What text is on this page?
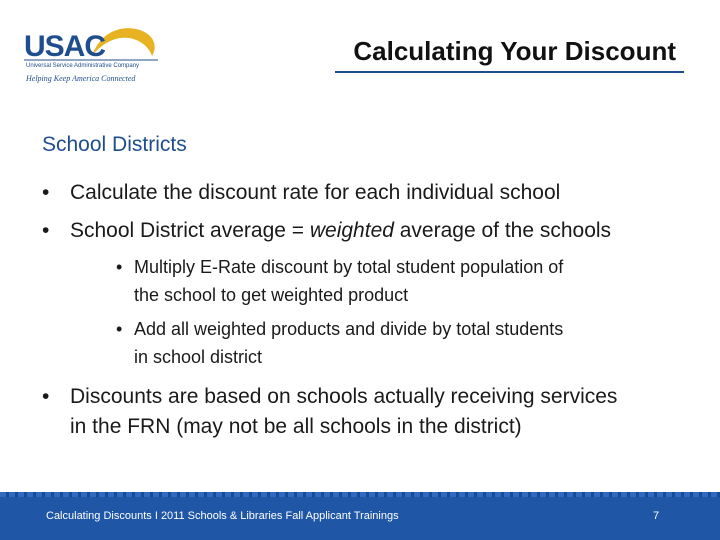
USAC
Universal Service Administrative Company
Helping Keep America Connected
Calculating Your Discount
School Districts
• Calculate the discount rate for each individual school
• School District average = weighted average of the schools
• Multiply E-Rate discount by total student population of
the school to get weighted product
• Add all weighted products and divide by total students
in school district
• Discounts are based on schools actually receiving services
in the FRN (may not be all schools in the district)
Calculating Discounts I 2011 Schools & Libraries Fall Applicant Trainings	7
